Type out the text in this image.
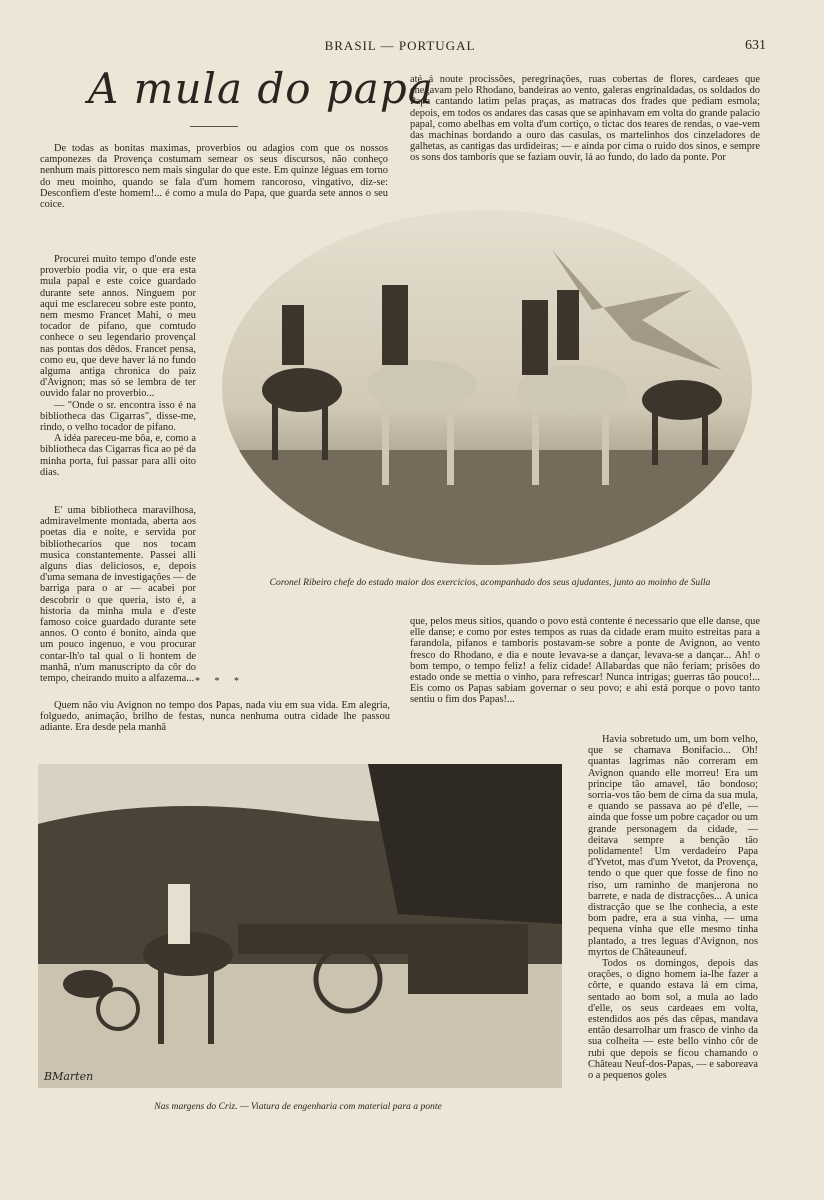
BRASIL — PORTUGAL	631
A mula do papa

De todas as bonitas maximas, proverbios ou adagios com que os nossos camponezes da Provença costumam semear os seus discursos, não conheço nenhum mais pittoresco nem mais singular do que este. Em quinze léguas em torno do meu moinho, quando se fala d'um homem rancoroso, vingativo, diz-se: Desconfiem d'este homem!... é como a mula do Papa, que guarda sete annos o seu coice.

Procurei muito tempo d'onde este proverbio podia vir, o que era esta mula papal e este coice guardado durante sete annos. Ninguem por aqui me esclareceu sobre este ponto, nem mesmo Francet Mahi, o meu tocador de pifano, que comtudo conhece o seu legendario provençal nas pontas dos dêdos. Francet pensa, como eu, que deve haver lá no fundo alguma antiga chronica do paiz d'Avignon; mas só se lembra de ter ouvido falar no proverbio...

— "Onde o sr. encontra isso é na bibliotheca das Cigarras", disse-me, rindo, o velho tocador de pifano.

A idéa pareceu-me bôa, e, como a bibliotheca das Cigarras fica ao pé da minha porta, fui passar para alli oito dias.

E' uma bibliotheca maravilhosa, admiravelmente montada, aberta aos poetas dia e noite, e servida por bibliothecarios que nos tocam musica constantemente. Passei alli alguns dias deliciosos, e, depois d'uma semana de investigações — de barriga para o ar — acabei por descobrir o que queria, isto é, a historia da minha mula e d'este famoso coice guardado durante sete annos. O conto é bonito, ainda que um pouco ingenuo, e vou procurar contar-lh'o tal qual o li hontem de manhã, n'um manuscripto da côr do tempo, cheirando muito a alfazema... * * *

Quem não viu Avignon no tempo dos Papas, nada viu em sua vida. Em alegria, folguedo, animação, brilho de festas, nunca nenhuma outra cidade lhe passou adiante. Era desde pela manhã

até á noute procissões, peregrinações, ruas cobertas de flores, cardeaes que chegavam pelo Rhodano, bandeiras ao vento, galeras engrinaldadas, os soldados do Papa cantando latim pelas praças, as matracas dos frades que pediam esmola; depois, em todos os andares das casas que se apinhavam em volta do grande palacio papal, como abelhas em volta d'um cortiço, o tictac dos teares de rendas, o vae-vem das machinas bordando a ouro das casulas, os martelinhos dos cinzeladores de galhetas, as cantigas das urdideiras; — e ainda por cima o ruido dos sinos, e sempre os sons dos tamborís que se faziam ouvir, lá ao fundo, do lado da ponte. Por

Coronel Ribeiro chefe do estado maior dos exercicios, acompanhado dos seus ajudantes, junto ao moinho de Sulla

que, pelos meus sitios, quando o povo está contente é necessario que elle danse, que elle danse; e como por estes tempos as ruas da cidade eram muito estreitas para a farandola, pifanos e tamboris postavam-se sobre a ponte de Avignon, ao vento fresco do Rhodano, e dia e noute levava-se a dançar, levava-se a dançar... Ah! o bom tempo, o tempo feliz! a feliz cidade! Allabardas que não feriam; prisões do estado onde se mettia o vinho, para refrescar! Nunca intrigas; guerras tão pouco!... Eis como os Papas sabiam governar o seu povo; e ahi está porque o povo tanto sentiu o fim dos Papas!...

Havia sobretudo um, um bom velho, que se chamava Bonifacio... Oh! quantas lagrimas não correram em Avignon quando elle morreu! Era um principe tão amavel, tão bondoso; sorria-vos tão bem de cima da sua mula, e quando se passava ao pé d'elle, — ainda que fosse um pobre caçador ou um grande personagem da cidade, — deitava sempre a benção tão polidamente! Um verdadeiro Papa d'Yvetot, mas d'um Yvetot, da Provença, tendo o que quer que fosse de fino no riso, um raminho de manjerona no barrete, e nada de distracções... A unica distracção que se lhe conhecia, a este bom padre, era a sua vinha, — uma pequena vinha que elle mesmo tinha plantado, a tres leguas d'Avignon, nos myrtos de Châteauneuf.

Todos os domingos, depois das orações, o digno homem ia-lhe fazer a côrte, e quando estava lá em cima, sentado ao bom sol, a mula ao lado d'elle, os seus cardeaes em volta, estendidos aos pés das cêpas, mandava então desarrolhar um frasco de vinho da sua colheita — este bello vinho côr de rubi que depois se ficou chamando o Château Neuf-dos-Papas, — e saboreava o a pequenos goles

BMarten
Nas margens do Criz. — Viatura de engenharia com material para a ponte
